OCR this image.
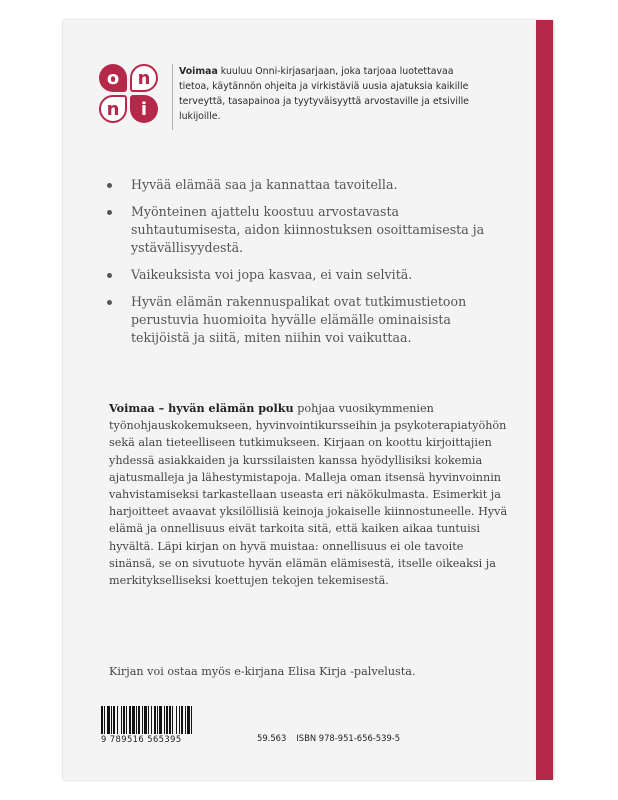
o	n
n	i
Voimaa kuuluu Onni-kirjasarjaan, joka tarjoaa luotettavaa tietoa, käytännön ohjeita ja virkistäviä uusia ajatuksia kaikille terveyttä, tasapainoa ja tyytyväisyyttä arvostaville ja etsiville lukijoille.
Hyvää elämää saa ja kannattaa tavoitella.
Myönteinen ajattelu koostuu arvostavasta suhtautumisesta, aidon kiinnostuksen osoittamisesta ja ystävällisyydestä.
Vaikeuksista voi jopa kasvaa, ei vain selvitä.
Hyvän elämän rakennuspalikat ovat tutkimustietoon perustuvia huomioita hyvälle elämälle ominaisista tekijöistä ja siitä, miten niihin voi vaikuttaa.
Voimaa – hyvän elämän polku pohjaa vuosikymmenien työnohjauskokemukseen, hyvinvointikursseihin ja psykoterapiatyöhön sekä alan tieteelliseen tutkimukseen. Kirjaan on koottu kirjoittajien yhdessä asiakkaiden ja kurssilaisten kanssa hyödyllisiksi kokemia ajatusmalleja ja lähestymistapoja. Malleja oman itsensä hyvinvoinnin vahvistamiseksi tarkastellaan useasta eri näkökulmasta. Esimerkit ja harjoitteet avaavat yksilöllisiä keinoja jokaiselle kiinnostuneelle. Hyvä elämä ja onnellisuus eivät tarkoita sitä, että kaiken aikaa tuntuisi hyvältä. Läpi kirjan on hyvä muistaa: onnellisuus ei ole tavoite sinänsä, se on sivutuote hyvän elämän elämisestä, itselle oikeaksi ja merkitykselliseksi koettujen tekojen tekemisestä.
Kirjan voi ostaa myös e-kirjana Elisa Kirja -palvelusta.
9 789516 565395	59.563 ISBN 978-951-656-539-5
